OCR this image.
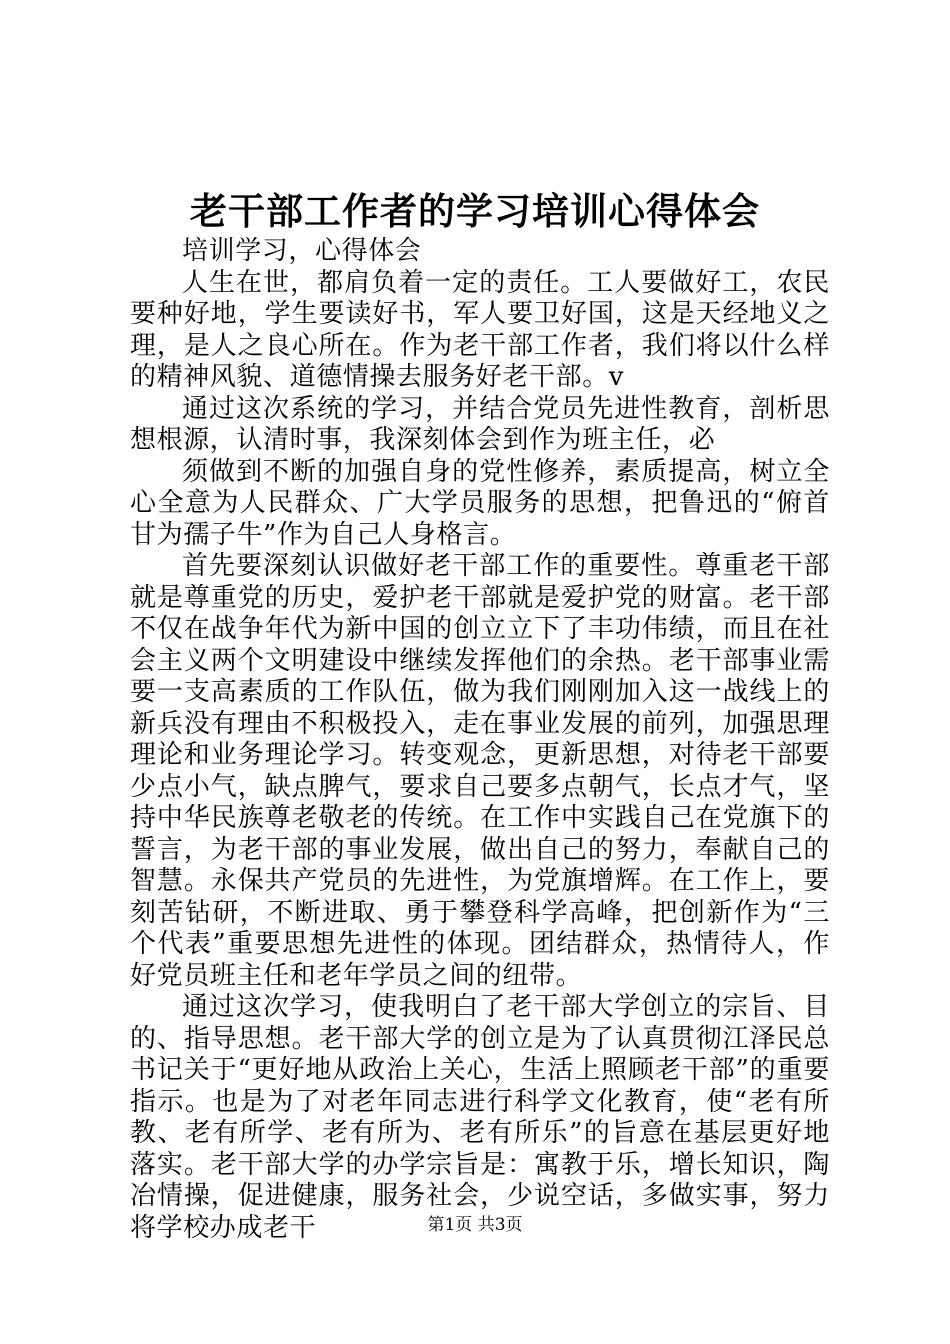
老干部工作者的学习培训心得体会

培训学习，心得体会

人生在世，都肩负着一定的责任。工人要做好工，农民要种好地，学生要读好书，军人要卫好国，这是天经地义之理，是人之良心所在。作为老干部工作者，我们将以什么样的精神风貌、道德情操去服务好老干部。v

通过这次系统的学习，并结合党员先进性教育，剖析思想根源，认清时事，我深刻体会到作为班主任，必

须做到不断的加强自身的党性修养，素质提高，树立全心全意为人民群众、广大学员服务的思想，把鲁迅的“俯首甘为孺子牛”作为自己人身格言。

首先要深刻认识做好老干部工作的重要性。尊重老干部就是尊重党的历史，爱护老干部就是爱护党的财富。老干部不仅在战争年代为新中国的创立立下了丰功伟绩，而且在社会主义两个文明建设中继续发挥他们的余热。老干部事业需要一支高素质的工作队伍，做为我们刚刚加入这一战线上的新兵没有理由不积极投入，走在事业发展的前列，加强思理理论和业务理论学习。转变观念，更新思想，对待老干部要少点小气，缺点脾气，要求自己要多点朝气，长点才气，坚持中华民族尊老敬老的传统。在工作中实践自己在党旗下的誓言，为老干部的事业发展，做出自己的努力，奉献自己的智慧。永保共产党员的先进性，为党旗增辉。在工作上，要刻苦钻研，不断进取、勇于攀登科学高峰，把创新作为“三个代表”重要思想先进性的体现。团结群众，热情待人，作好党员班主任和老年学员之间的纽带。

通过这次学习，使我明白了老干部大学创立的宗旨、目的、指导思想。老干部大学的创立是为了认真贯彻江泽民总书记关于“更好地从政治上关心，生活上照顾老干部”的重要指示。也是为了对老年同志进行科学文化教育，使“老有所教、老有所学、老有所为、老有所乐”的旨意在基层更好地落实。老干部大学的办学宗旨是：寓教于乐，增长知识，陶冶情操，促进健康，服务社会，少说空话，多做实事，努力将学校办成老干	第1页 共3页
